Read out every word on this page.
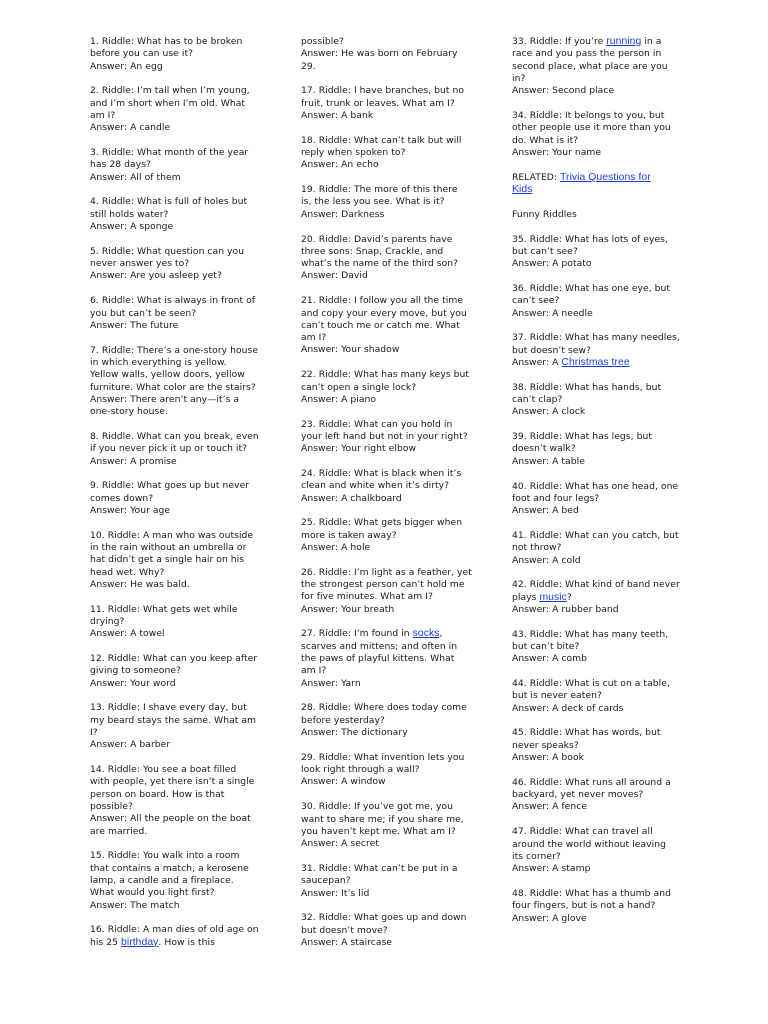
1. Riddle: What has to be broken
before you can use it?
Answer: An egg
2. Riddle: I’m tall when I’m young,
and I’m short when I’m old. What
am I?
Answer: A candle
3. Riddle: What month of the year
has 28 days?
Answer: All of them
4. Riddle: What is full of holes but
still holds water?
Answer: A sponge
5. Riddle: What question can you
never answer yes to?
Answer: Are you asleep yet?
6. Riddle: What is always in front of
you but can’t be seen?
Answer: The future
7. Riddle: There’s a one-story house
in which everything is yellow.
Yellow walls, yellow doors, yellow
furniture. What color are the stairs?
Answer: There aren’t any—it’s a
one-story house.
8. Riddle. What can you break, even
if you never pick it up or touch it?
Answer: A promise
9. Riddle: What goes up but never
comes down?
Answer: Your age
10. Riddle: A man who was outside
in the rain without an umbrella or
hat didn’t get a single hair on his
head wet. Why?
Answer: He was bald.
11. Riddle: What gets wet while
drying?
Answer: A towel
12. Riddle: What can you keep after
giving to someone?
Answer: Your word
13. Riddle: I shave every day, but
my beard stays the same. What am
I?
Answer: A barber
14. Riddle: You see a boat filled
with people, yet there isn’t a single
person on board. How is that
possible?
Answer: All the people on the boat
are married.
15. Riddle: You walk into a room
that contains a match, a kerosene
lamp, a candle and a fireplace.
What would you light first?
Answer: The match
16. Riddle: A man dies of old age on
his 25 birthday. How is this
possible?
Answer: He was born on February
29.
17. Riddle: I have branches, but no
fruit, trunk or leaves. What am I?
Answer: A bank
18. Riddle: What can’t talk but will
reply when spoken to?
Answer: An echo
19. Riddle: The more of this there
is, the less you see. What is it?
Answer: Darkness
20. Riddle: David’s parents have
three sons: Snap, Crackle, and
what’s the name of the third son?
Answer: David
21. Riddle: I follow you all the time
and copy your every move, but you
can’t touch me or catch me. What
am I?
Answer: Your shadow
22. Riddle: What has many keys but
can’t open a single lock?
Answer: A piano
23. Riddle: What can you hold in
your left hand but not in your right?
Answer: Your right elbow
24. Riddle: What is black when it’s
clean and white when it’s dirty?
Answer: A chalkboard
25. Riddle: What gets bigger when
more is taken away?
Answer: A hole
26. Riddle: I’m light as a feather, yet
the strongest person can’t hold me
for five minutes. What am I?
Answer: Your breath
27. Riddle: I’m found in socks,
scarves and mittens; and often in
the paws of playful kittens. What
am I?
Answer: Yarn
28. Riddle: Where does today come
before yesterday?
Answer: The dictionary
29. Riddle: What invention lets you
look right through a wall?
Answer: A window
30. Riddle: If you’ve got me, you
want to share me; if you share me,
you haven’t kept me. What am I?
Answer: A secret
31. Riddle: What can’t be put in a
saucepan?
Answer: It’s lid
32. Riddle: What goes up and down
but doesn’t move?
Answer: A staircase
33. Riddle: If you’re running in a
race and you pass the person in
second place, what place are you
in?
Answer: Second place
34. Riddle: It belongs to you, but
other people use it more than you
do. What is it?
Answer: Your name
RELATED: Trivia Questions for
Kids
Funny Riddles
35. Riddle: What has lots of eyes,
but can’t see?
Answer: A potato
36. Riddle: What has one eye, but
can’t see?
Answer: A needle
37. Riddle: What has many needles,
but doesn’t sew?
Answer: A Christmas tree
38. Riddle: What has hands, but
can’t clap?
Answer: A clock
39. Riddle: What has legs, but
doesn’t walk?
Answer: A table
40. Riddle: What has one head, one
foot and four legs?
Answer: A bed
41. Riddle: What can you catch, but
not throw?
Answer: A cold
42. Riddle: What kind of band never
plays music?
Answer: A rubber band
43. Riddle: What has many teeth,
but can’t bite?
Answer: A comb
44. Riddle: What is cut on a table,
but is never eaten?
Answer: A deck of cards
45. Riddle: What has words, but
never speaks?
Answer: A book
46. Riddle: What runs all around a
backyard, yet never moves?
Answer: A fence
47. Riddle: What can travel all
around the world without leaving
its corner?
Answer: A stamp
48. Riddle: What has a thumb and
four fingers, but is not a hand?
Answer: A glove
